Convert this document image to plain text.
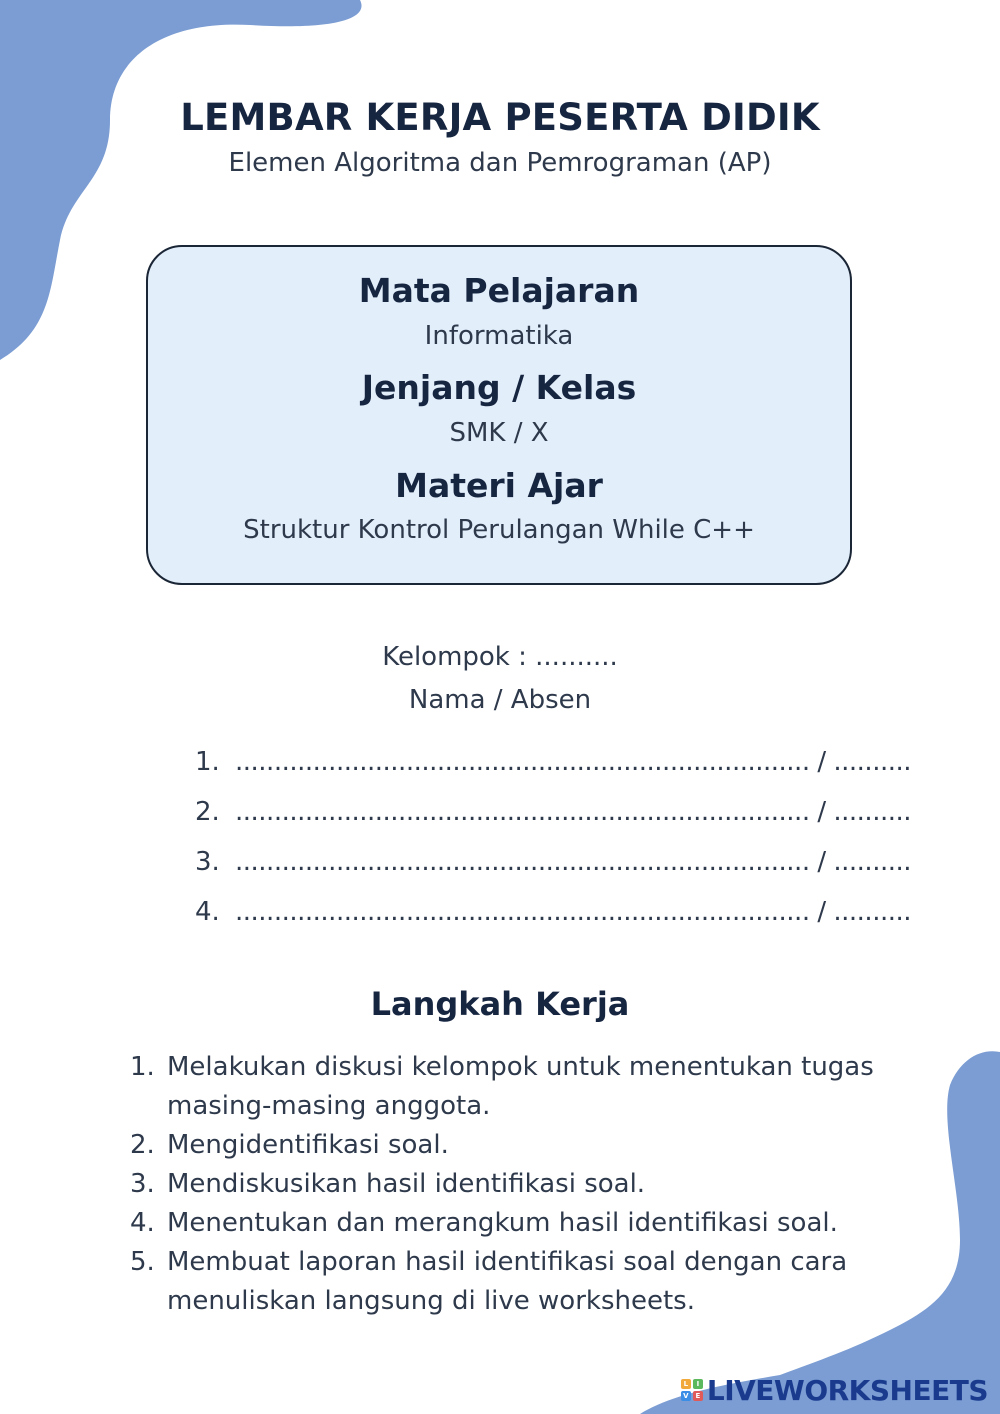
LEMBAR KERJA PESERTA DIDIK
Elemen Algoritma dan Pemrograman (AP)
Mata Pelajaran
Informatika
Jenjang / Kelas
SMK / X
Materi Ajar
Struktur Kontrol Perulangan While C++
Kelompok : ..........
Nama / Absen
1. .......................................................................... / ..........
2. .......................................................................... / ..........
3. .......................................................................... / ..........
4. .......................................................................... / ..........
Langkah Kerja
1. Melakukan diskusi kelompok untuk menentukan tugas masing-masing anggota.
2. Mengidentifikasi soal.
3. Mendiskusikan hasil identifikasi soal.
4. Menentukan dan merangkum hasil identifikasi soal.
5. Membuat laporan hasil identifikasi soal dengan cara menuliskan langsung di live worksheets.
L	I
V E LIVEWORKSHEETS
